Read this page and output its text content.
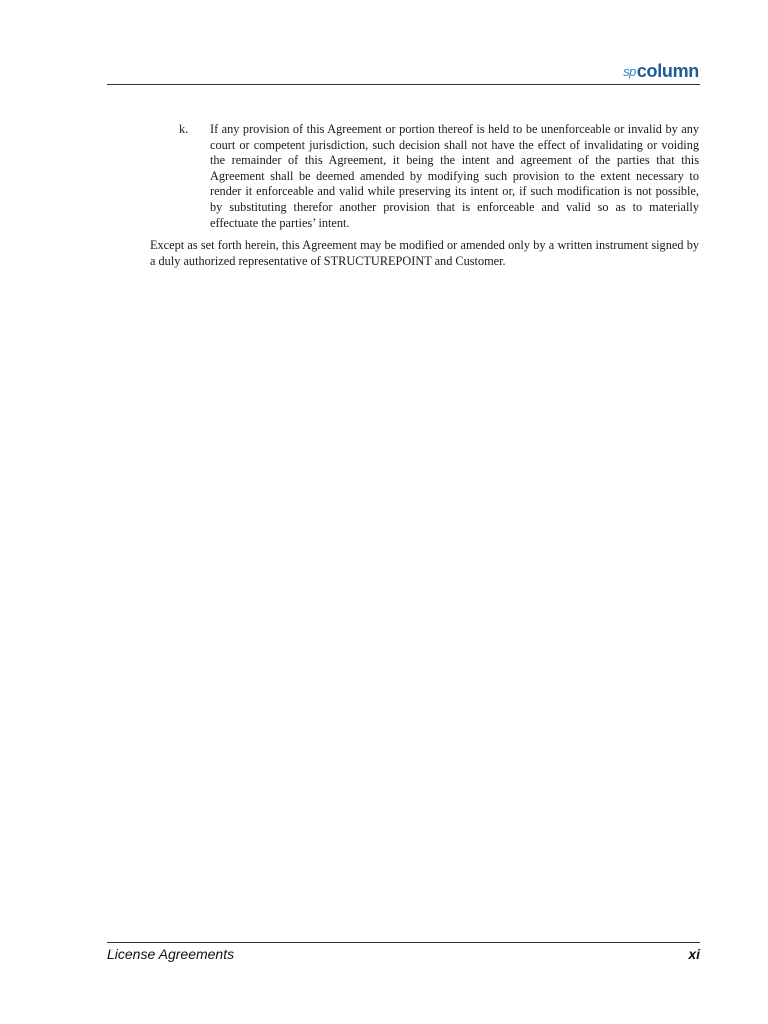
sp column
k. If any provision of this Agreement or portion thereof is held to be unenforceable or invalid by any court or competent jurisdiction, such decision shall not have the effect of invalidating or voiding the remainder of this Agreement, it being the intent and agreement of the parties that this Agreement shall be deemed amended by modifying such provision to the extent necessary to render it enforceable and valid while preserving its intent or, if such modification is not possible, by substituting therefor another provision that is enforceable and valid so as to materially effectuate the parties’ intent.
Except as set forth herein, this Agreement may be modified or amended only by a written instrument signed by a duly authorized representative of STRUCTUREPOINT and Customer.
License Agreements	xi
